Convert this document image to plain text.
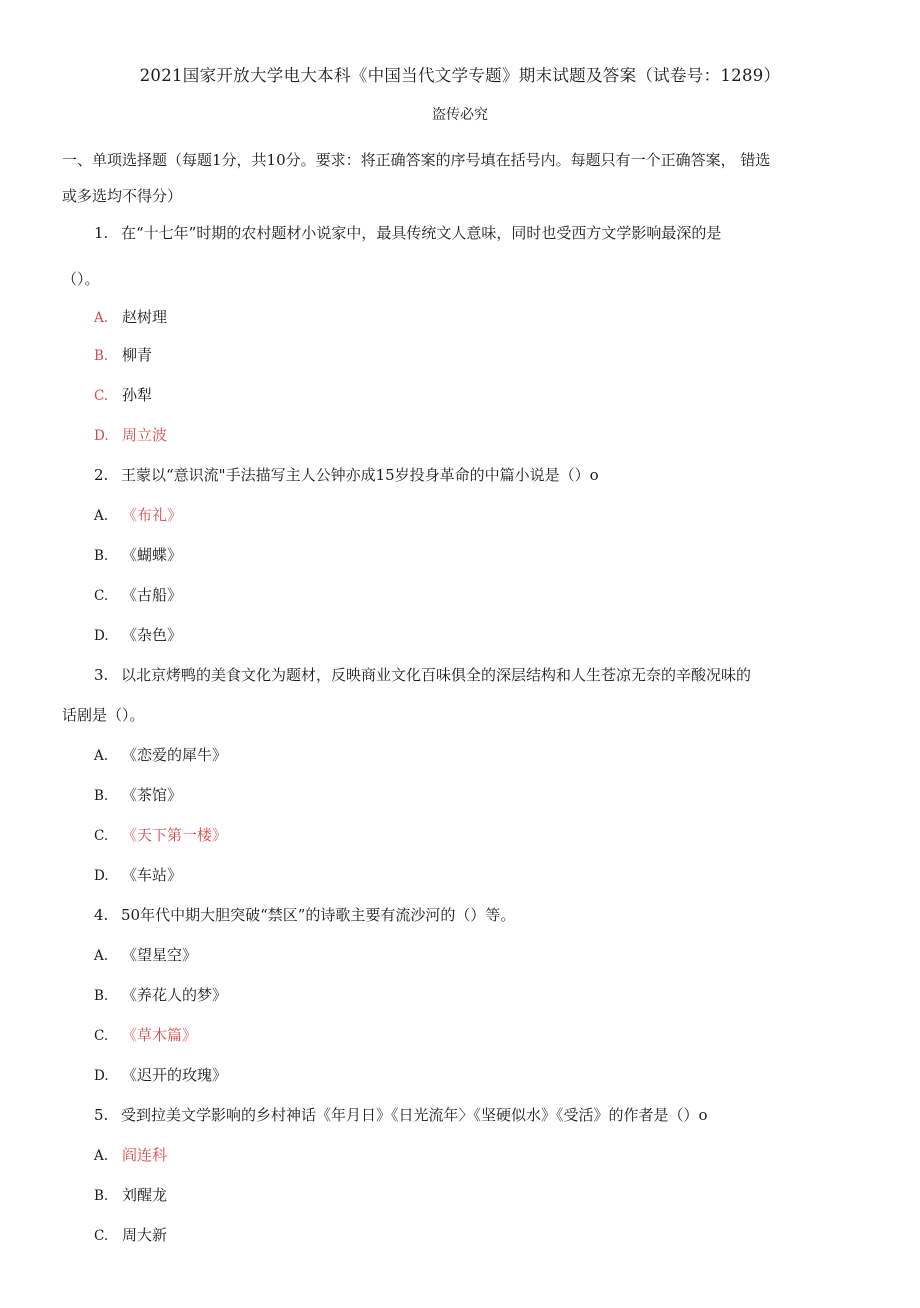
2021国家开放大学电大本科《中国当代文学专题》期末试题及答案（试卷号：1289）
盗传必究
一、单项选择题（每题1分，共10分。要求：将正确答案的序号填在括号内。每题只有一个正确答案， 错选
或多选均不得分）
1. 在“十七年”时期的农村题材小说家中，最具传统文人意味，同时也受西方文学影响最深的是
（）。
A. 赵树理
B. 柳青
C. 孙犁
D. 周立波
2. 王蒙以“意识流"手法描写主人公钟亦成15岁投身革命的中篇小说是（）o
A. 《布礼》
B. 《蝴蝶》
C. 《古船》
D. 《杂色》
3. 以北京烤鸭的美食文化为题材，反映商业文化百味俱全的深层结构和人生苍凉无奈的辛酸况味的
话剧是（）。
A. 《恋爱的犀牛》
B. 《茶馆》
C. 《天下第一楼》
D. 《车站》
4. 50年代中期大胆突破“禁区”的诗歌主要有流沙河的（）等。
A. 《望星空》
B. 《养花人的梦》
C. 《草木篇》
D. 《迟开的玫瑰》
5. 受到拉美文学影响的乡村神话《年月日》《日光流年〉《坚硬似水》《受活》的作者是（）o
A. 阎连科
B. 刘醒龙
C. 周大新
